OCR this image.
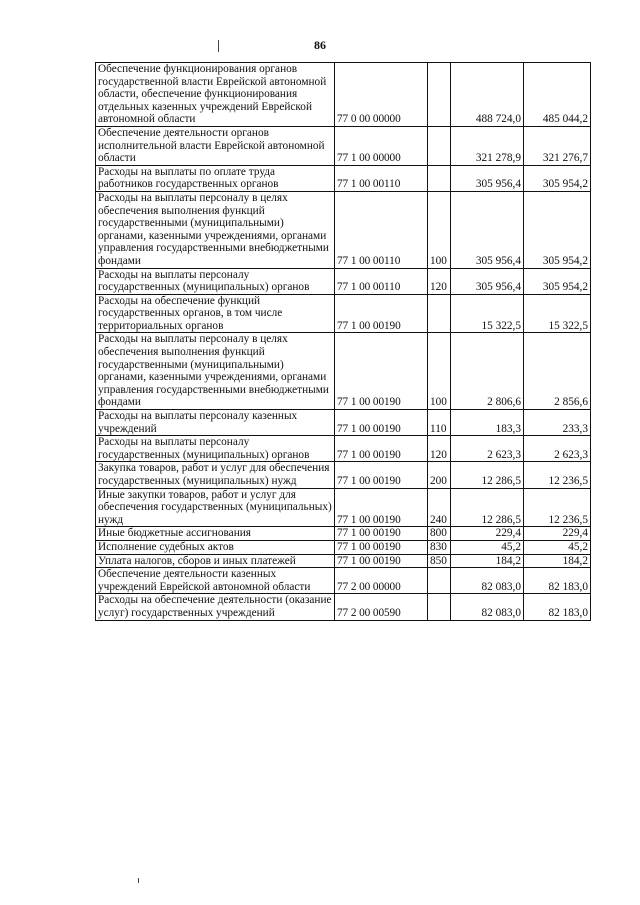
86
Обеспечение функционирования органов государственной власти Еврейской автономной области, обеспечение функционирования отдельных казенных учреждений Еврейской автономной области	77 0 00 00000		488 724,0	485 044,2
Обеспечение деятельности органов исполнительной власти Еврейской автономной области	77 1 00 00000		321 278,9	321 276,7
Расходы на выплаты по оплате труда работников государственных органов	77 1 00 00110		305 956,4	305 954,2
Расходы на выплаты персоналу в целях обеспечения выполнения функций государственными (муниципальными) органами, казенными учреждениями, органами управления государственными внебюджетными фондами	77 1 00 00110	100	305 956,4	305 954,2
Расходы на выплаты персоналу государственных (муниципальных) органов	77 1 00 00110	120	305 956,4	305 954,2
Расходы на обеспечение функций государственных органов, в том числе территориальных органов	77 1 00 00190		15 322,5	15 322,5
Расходы на выплаты персоналу в целях обеспечения выполнения функций государственными (муниципальными) органами, казенными учреждениями, органами управления государственными внебюджетными фондами	77 1 00 00190	100	2 806,6	2 856,6
Расходы на выплаты персоналу казенных учреждений	77 1 00 00190	110	183,3	233,3
Расходы на выплаты персоналу государственных (муниципальных) органов	77 1 00 00190	120	2 623,3	2 623,3
Закупка товаров, работ и услуг для обеспечения государственных (муниципальных) нужд	77 1 00 00190	200	12 286,5	12 236,5
Иные закупки товаров, работ и услуг для обеспечения государственных (муниципальных) нужд	77 1 00 00190	240	12 286,5	12 236,5
Иные бюджетные ассигнования	77 1 00 00190	800	229,4	229,4
Исполнение судебных актов	77 1 00 00190	830	45,2	45,2
Уплата налогов, сборов и иных платежей	77 1 00 00190	850	184,2	184,2
Обеспечение деятельности казенных учреждений Еврейской автономной области	77 2 00 00000		82 083,0	82 183,0
Расходы на обеспечение деятельности (оказание услуг) государственных учреждений	77 2 00 00590		82 083,0	82 183,0
